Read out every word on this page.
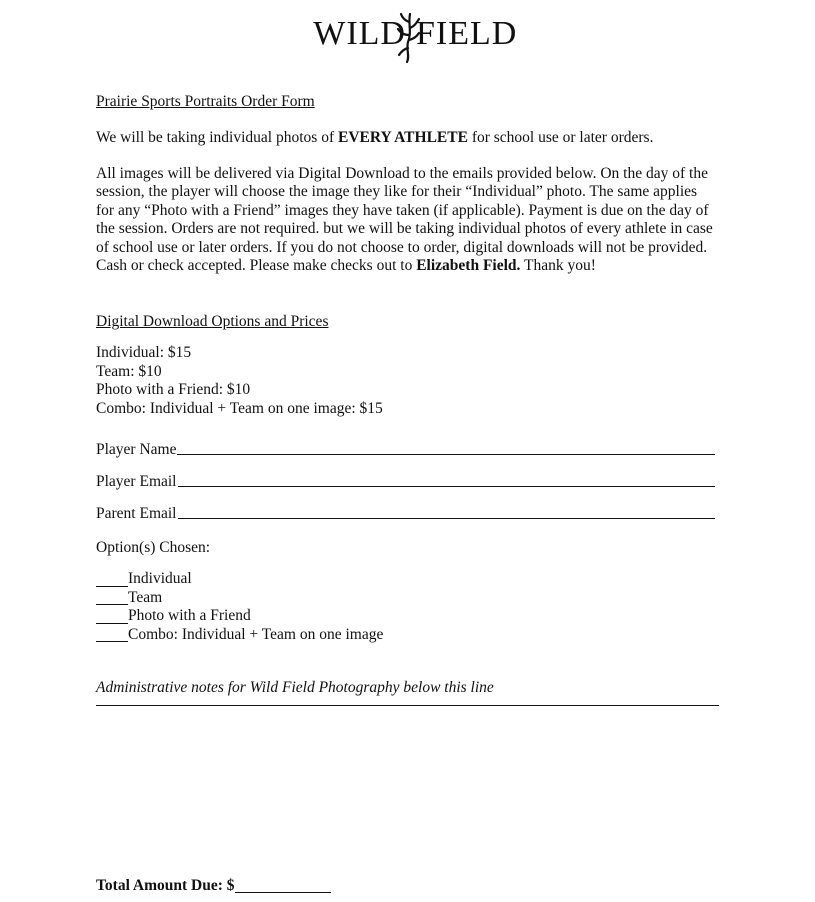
WILD FIELD
Prairie Sports Portraits Order Form
We will be taking individual photos of EVERY ATHLETE for school use or later orders.
All images will be delivered via Digital Download to the emails provided below. On the day of the session, the player will choose the image they like for their “Individual” photo. The same applies for any “Photo with a Friend” images they have taken (if applicable). Payment is due on the day of the session. Orders are not required. but we will be taking individual photos of every athlete in case of school use or later orders. If you do not choose to order, digital downloads will not be provided. Cash or check accepted. Please make checks out to Elizabeth Field. Thank you!
Digital Download Options and Prices
Individual: $15
Team: $10
Photo with a Friend: $10
Combo: Individual + Team on one image: $15
Player Name
Player Email
Parent Email
Option(s) Chosen:
Individual
Team
Photo with a Friend
Combo: Individual + Team on one image
Administrative notes for Wild Field Photography below this line
Total Amount Due: $
